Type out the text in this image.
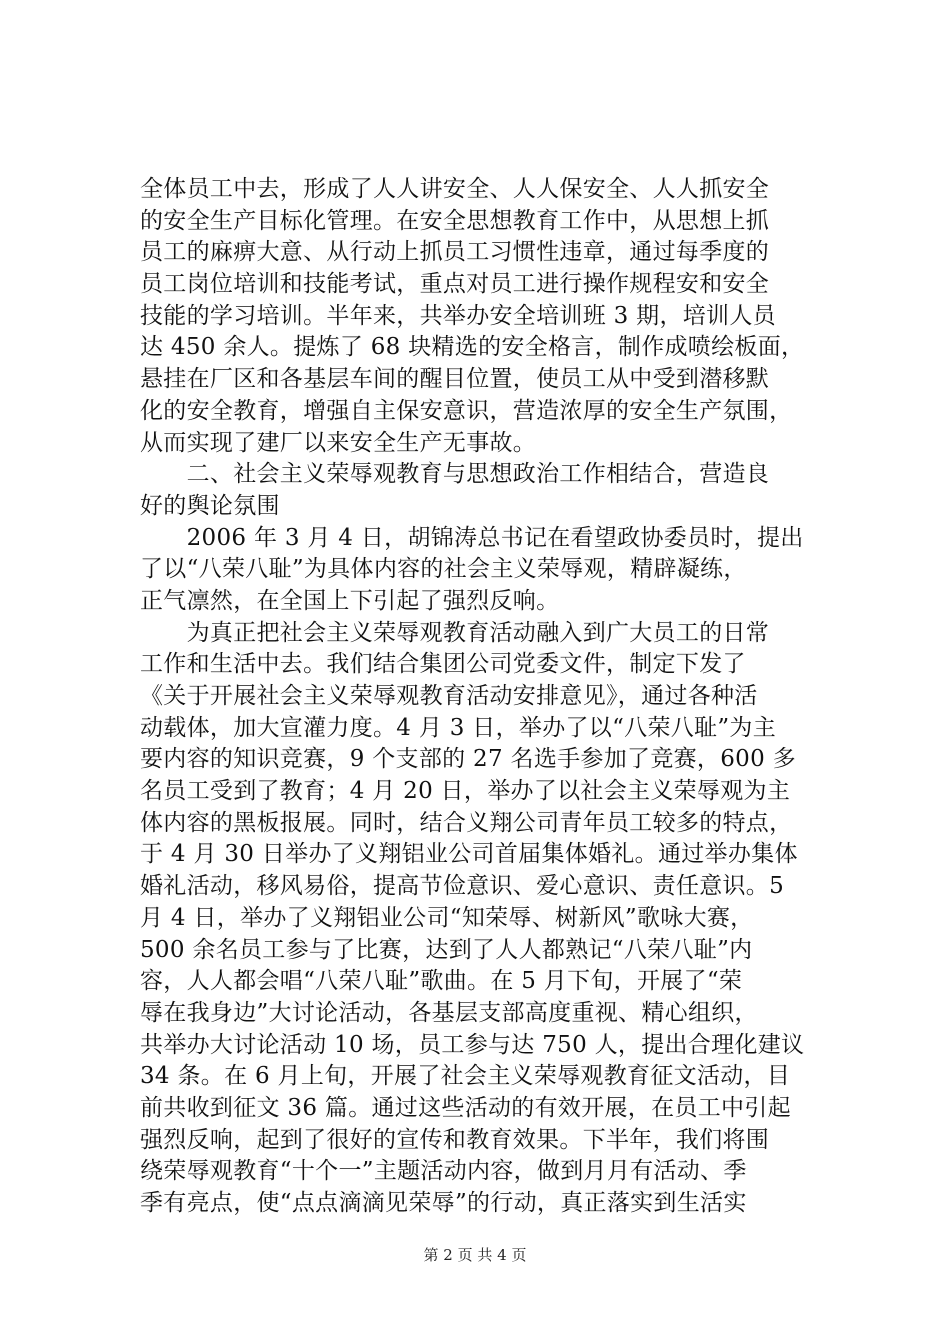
全体员工中去，形成了人人讲安全、人人保安全、人人抓安全
的安全生产目标化管理。在安全思想教育工作中，从思想上抓
员工的麻痹大意、从行动上抓员工习惯性违章，通过每季度的
员工岗位培训和技能考试，重点对员工进行操作规程安和安全
技能的学习培训。半年来，共举办安全培训班 3 期，培训人员
达 450 余人。提炼了 68 块精选的安全格言，制作成喷绘板面，
悬挂在厂区和各基层车间的醒目位置，使员工从中受到潜移默
化的安全教育，增强自主保安意识，营造浓厚的安全生产氛围，
从而实现了建厂以来安全生产无事故。
　　二、社会主义荣辱观教育与思想政治工作相结合，营造良
好的舆论氛围
　　2006 年 3 月 4 日，胡锦涛总书记在看望政协委员时，提出
了以“八荣八耻”为具体内容的社会主义荣辱观，精辟凝练，
正气凛然，在全国上下引起了强烈反响。
　　为真正把社会主义荣辱观教育活动融入到广大员工的日常
工作和生活中去。我们结合集团公司党委文件，制定下发了
《关于开展社会主义荣辱观教育活动安排意见》，通过各种活
动载体，加大宣灌力度。4 月 3 日，举办了以“八荣八耻”为主
要内容的知识竞赛，9 个支部的 27 名选手参加了竞赛，600 多
名员工受到了教育；4 月 20 日，举办了以社会主义荣辱观为主
体内容的黑板报展。同时，结合义翔公司青年员工较多的特点，
于 4 月 30 日举办了义翔铝业公司首届集体婚礼。通过举办集体
婚礼活动，移风易俗，提高节俭意识、爱心意识、责任意识。5
月 4 日，举办了义翔铝业公司“知荣辱、树新风”歌咏大赛，
500 余名员工参与了比赛，达到了人人都熟记“八荣八耻”内
容，人人都会唱“八荣八耻”歌曲。在 5 月下旬，开展了“荣
辱在我身边”大讨论活动，各基层支部高度重视、精心组织，
共举办大讨论活动 10 场，员工参与达 750 人，提出合理化建议
34 条。在 6 月上旬，开展了社会主义荣辱观教育征文活动，目
前共收到征文 36 篇。通过这些活动的有效开展，在员工中引起
强烈反响，起到了很好的宣传和教育效果。下半年，我们将围
绕荣辱观教育“十个一”主题活动内容，做到月月有活动、季
季有亮点，使“点点滴滴见荣辱”的行动，真正落实到生活实
第 2 页 共 4 页
